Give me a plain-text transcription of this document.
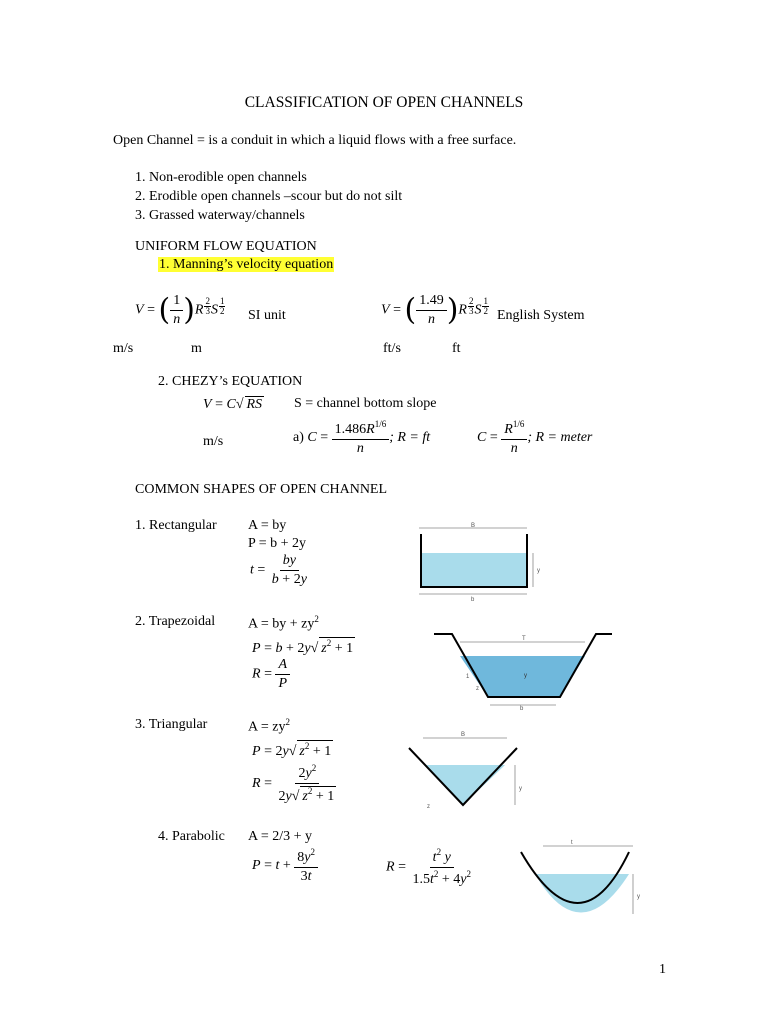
CLASSIFICATION OF OPEN CHANNELS
Open Channel = is a conduit in which a liquid flows with a free surface.
1. Non-erodible open channels
2. Erodible open channels –scour but do not silt
3. Grassed waterway/channels
UNIFORM FLOW EQUATION
1. Manning’s velocity equation
V = ( $\frac{1}{n} )R \frac{2}{3}$ S $\frac{1}{2}$ SI unit	V = ( $\frac{1.49}{n} )R \frac{2}{3}$ S $\frac{1}{2}$ English System
m/s	m	ft/s	ft
2. CHEZY’s EQUATION
V = C√ RS S = channel bottom slope
m/s	a) $C = \frac{1.486R^{1/6}}{n}$ ; R = ft	$C = \frac{R^{1/6}}{n}$ ; R = meter
COMMON SHAPES OF OPEN CHANNEL
1. Rectangular A = by
P = b + 2y
$t = \frac{by}{b + 2y}$
2. Trapezoidal A = by + $zy^2$
P = b + 2y√ $z^2 + 1$
$R = \frac{A}{P}$
3. Triangular	$A = zy^2$
P = 2y√ $z^2 + 1$
$R = \frac{2y^2}{2y√ z^2 + 1}$
4. Parabolic A = 2/3 + y
$P = t + \frac{8y^2}{3t}$	$R = \frac{t^2 y}{1.5t^2 + 4y^2}$
B
y
b
T
b
y
1
z
B
y
z
t
y
1
